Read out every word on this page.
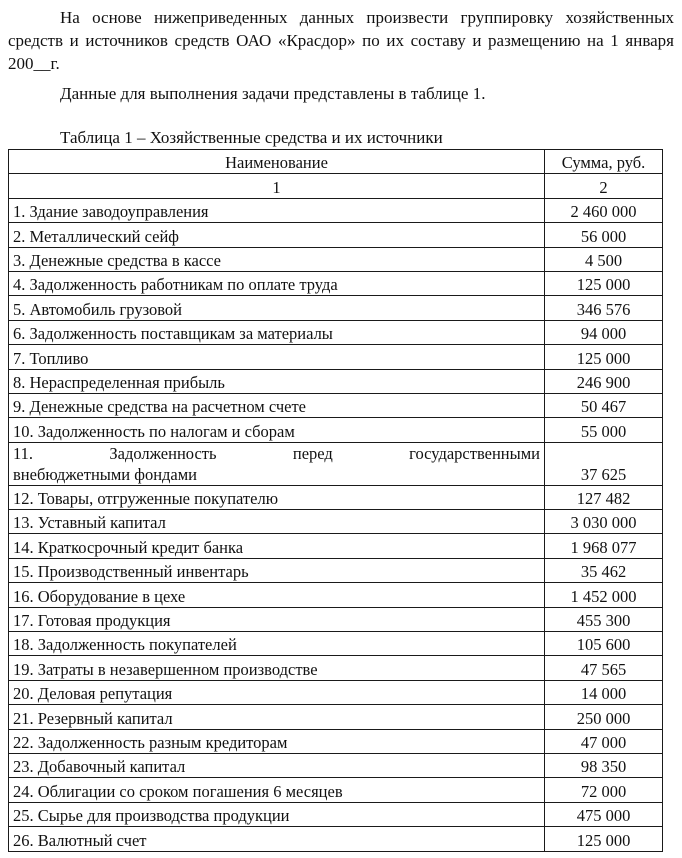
На основе нижеприведенных данных произвести группировку хозяйственных средств и источников средств ОАО «Красдор» по их составу и размещению на 1 января 200__г.

Данные для выполнения задачи представлены в таблице 1.

Таблица 1 – Хозяйственные средства и их источники

Наименование	Сумма, руб.
1	2
1. Здание заводоуправления	2 460 000
2. Металлический сейф	56 000
3. Денежные средства в кассе	4 500
4. Задолженность работникам по оплате труда	125 000
5. Автомобиль грузовой	346 576
6. Задолженность поставщикам за материалы	94 000
7. Топливо	125 000
8. Нераспределенная прибыль	246 900
9. Денежные средства на расчетном счете	50 467
10. Задолженность по налогам и сборам	55 000

11. Задолженность перед государственными
внебюджетными фондами	37 625
12. Товары, отгруженные покупателю	127 482
13. Уставный капитал	3 030 000
14. Краткосрочный кредит банка	1 968 077
15. Производственный инвентарь	35 462
16. Оборудование в цехе	1 452 000
17. Готовая продукция	455 300
18. Задолженность покупателей	105 600
19. Затраты в незавершенном производстве	47 565
20. Деловая репутация	14 000
21. Резервный капитал	250 000
22. Задолженность разным кредиторам	47 000
23. Добавочный капитал	98 350
24. Облигации со сроком погашения 6 месяцев	72 000
25. Сырье для производства продукции	475 000
26. Валютный счет	125 000
